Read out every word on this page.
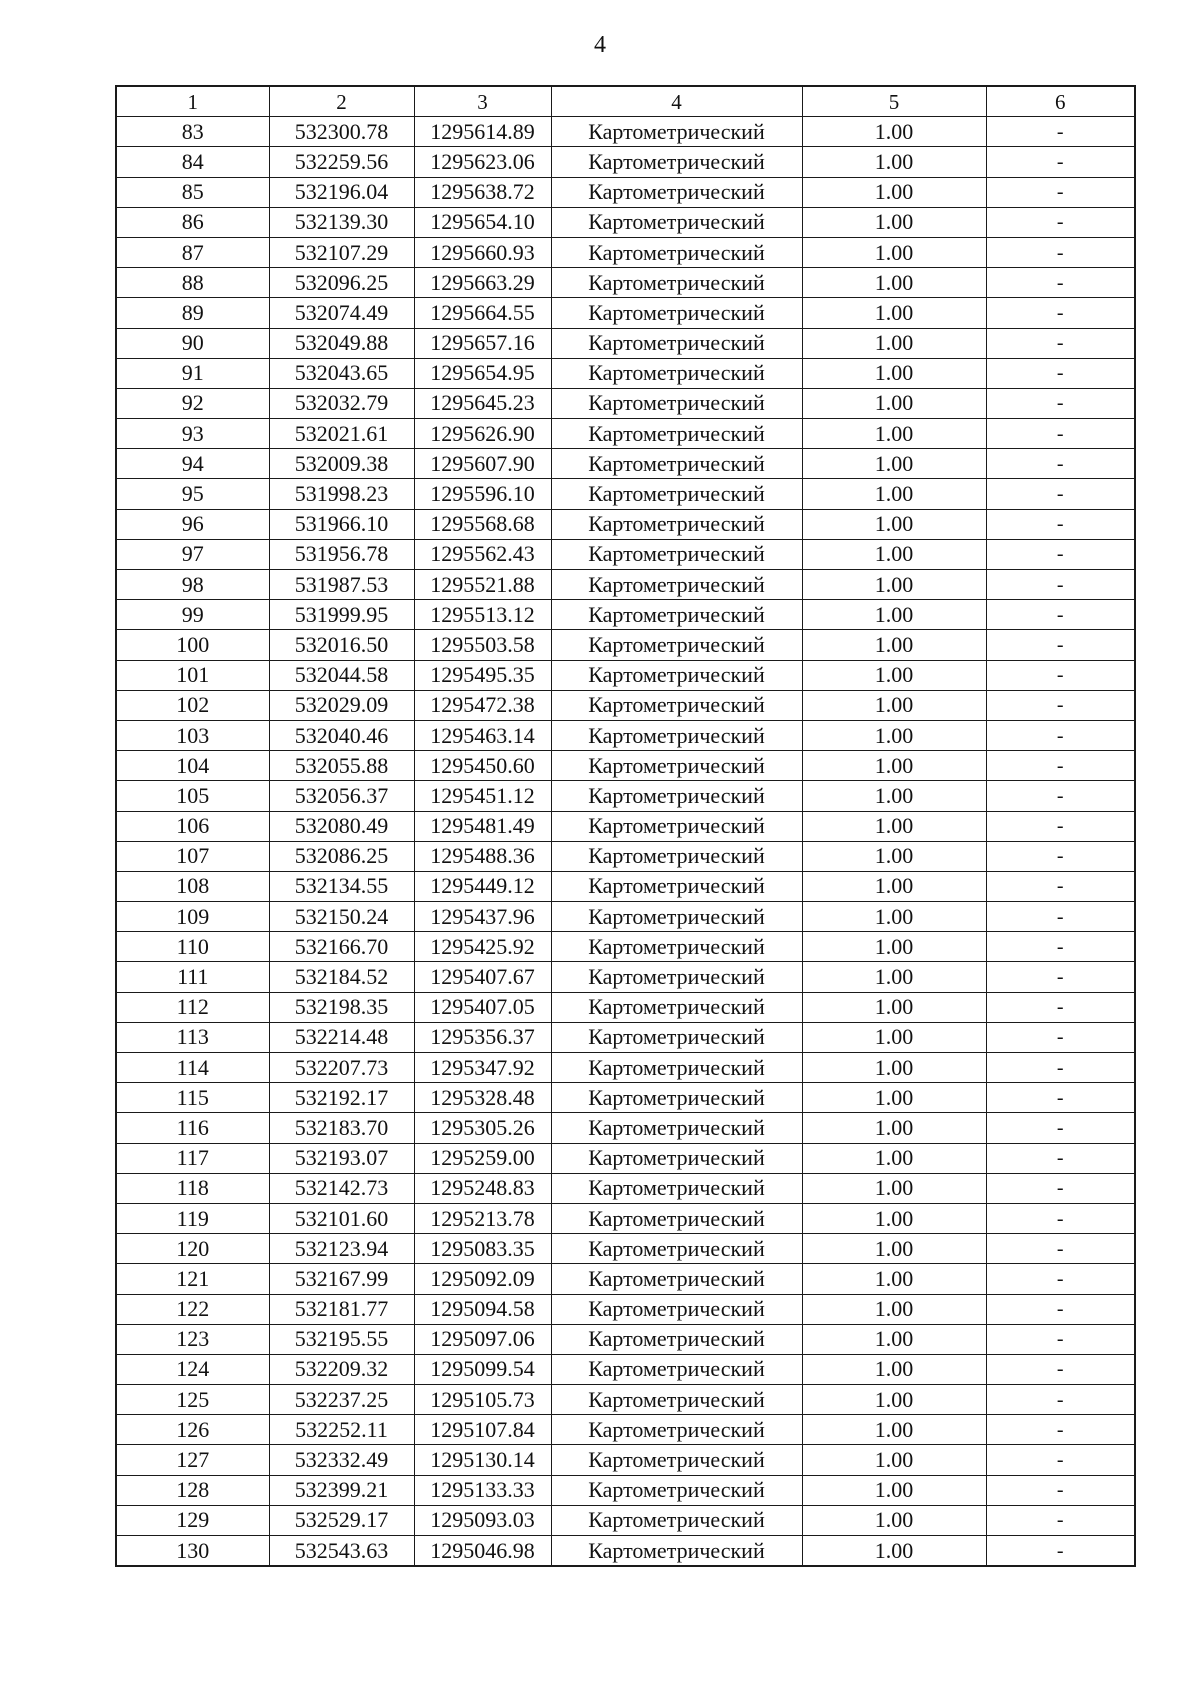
4
1	2	3	4	5	6
83	532300.78	1295614.89	Картометрический	1.00	-
84	532259.56	1295623.06	Картометрический	1.00	-
85	532196.04	1295638.72	Картометрический	1.00	-
86	532139.30	1295654.10	Картометрический	1.00	-
87	532107.29	1295660.93	Картометрический	1.00	-
88	532096.25	1295663.29	Картометрический	1.00	-
89	532074.49	1295664.55	Картометрический	1.00	-
90	532049.88	1295657.16	Картометрический	1.00	-
91	532043.65	1295654.95	Картометрический	1.00	-
92	532032.79	1295645.23	Картометрический	1.00	-
93	532021.61	1295626.90	Картометрический	1.00	-
94	532009.38	1295607.90	Картометрический	1.00	-
95	531998.23	1295596.10	Картометрический	1.00	-
96	531966.10	1295568.68	Картометрический	1.00	-
97	531956.78	1295562.43	Картометрический	1.00	-
98	531987.53	1295521.88	Картометрический	1.00	-
99	531999.95	1295513.12	Картометрический	1.00	-
100	532016.50	1295503.58	Картометрический	1.00	-
101	532044.58	1295495.35	Картометрический	1.00	-
102	532029.09	1295472.38	Картометрический	1.00	-
103	532040.46	1295463.14	Картометрический	1.00	-
104	532055.88	1295450.60	Картометрический	1.00	-
105	532056.37	1295451.12	Картометрический	1.00	-
106	532080.49	1295481.49	Картометрический	1.00	-
107	532086.25	1295488.36	Картометрический	1.00	-
108	532134.55	1295449.12	Картометрический	1.00	-
109	532150.24	1295437.96	Картометрический	1.00	-
110	532166.70	1295425.92	Картометрический	1.00	-
111	532184.52	1295407.67	Картометрический	1.00	-
112	532198.35	1295407.05	Картометрический	1.00	-
113	532214.48	1295356.37	Картометрический	1.00	-
114	532207.73	1295347.92	Картометрический	1.00	-
115	532192.17	1295328.48	Картометрический	1.00	-
116	532183.70	1295305.26	Картометрический	1.00	-
117	532193.07	1295259.00	Картометрический	1.00	-
118	532142.73	1295248.83	Картометрический	1.00	-
119	532101.60	1295213.78	Картометрический	1.00	-
120	532123.94	1295083.35	Картометрический	1.00	-
121	532167.99	1295092.09	Картометрический	1.00	-
122	532181.77	1295094.58	Картометрический	1.00	-
123	532195.55	1295097.06	Картометрический	1.00	-
124	532209.32	1295099.54	Картометрический	1.00	-
125	532237.25	1295105.73	Картометрический	1.00	-
126	532252.11	1295107.84	Картометрический	1.00	-
127	532332.49	1295130.14	Картометрический	1.00	-
128	532399.21	1295133.33	Картометрический	1.00	-
129	532529.17	1295093.03	Картометрический	1.00	-
130	532543.63	1295046.98	Картометрический	1.00	-
